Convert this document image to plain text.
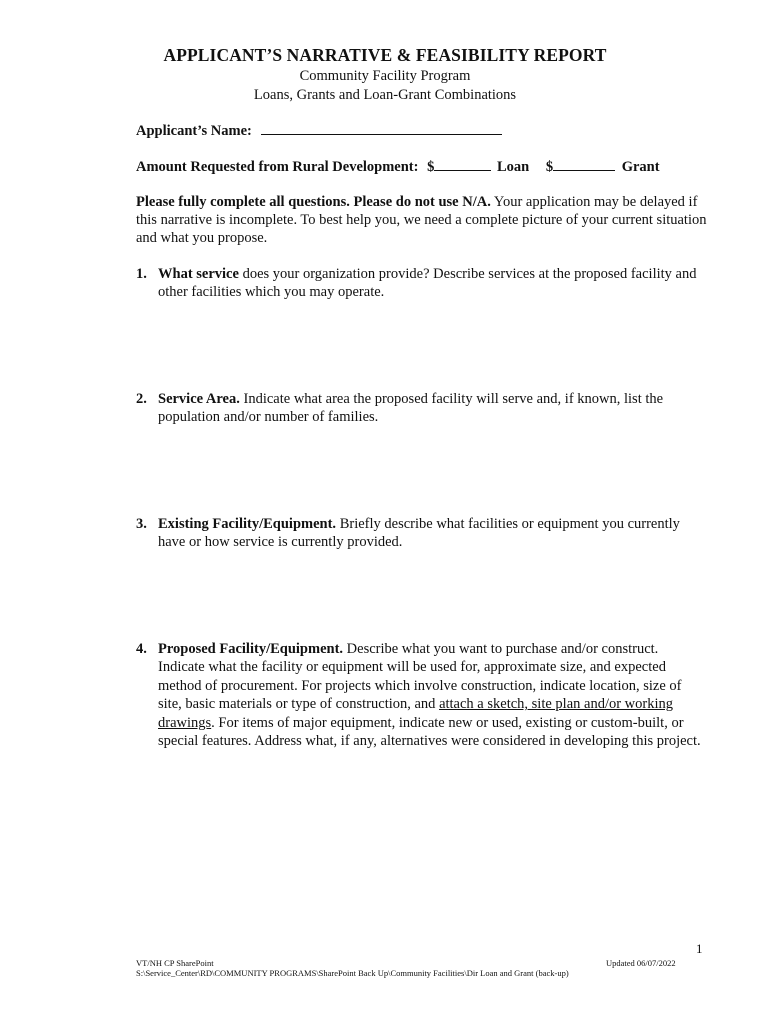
APPLICANT’S NARRATIVE & FEASIBILITY REPORT
Community Facility Program
Loans, Grants and Loan-Grant Combinations
Applicant’s Name:
Amount Requested from Rural Development: $	Loan $	Grant
Please fully complete all questions. Please do not use N/A. Your application may be delayed if this narrative is incomplete. To best help you, we need a complete picture of your current situation and what you propose.
1. What service does your organization provide? Describe services at the proposed facility and other facilities which you may operate.
2. Service Area. Indicate what area the proposed facility will serve and, if known, list the population and/or number of families.
3. Existing Facility/Equipment. Briefly describe what facilities or equipment you currently have or how service is currently provided.
4. Proposed Facility/Equipment. Describe what you want to purchase and/or construct. Indicate what the facility or equipment will be used for, approximate size, and expected method of procurement. For projects which involve construction, indicate location, size of site, basic materials or type of construction, and attach a sketch, site plan and/or working drawings. For items of major equipment, indicate new or used, existing or custom-built, or special features. Address what, if any, alternatives were considered in developing this project.
1
VT/NH CP SharePoint
S:\Service_Center\RD\COMMUNITY PROGRAMS\SharePoint Back Up\Community Facilities\Dir Loan and Grant (back-up)
Updated 06/07/2022
